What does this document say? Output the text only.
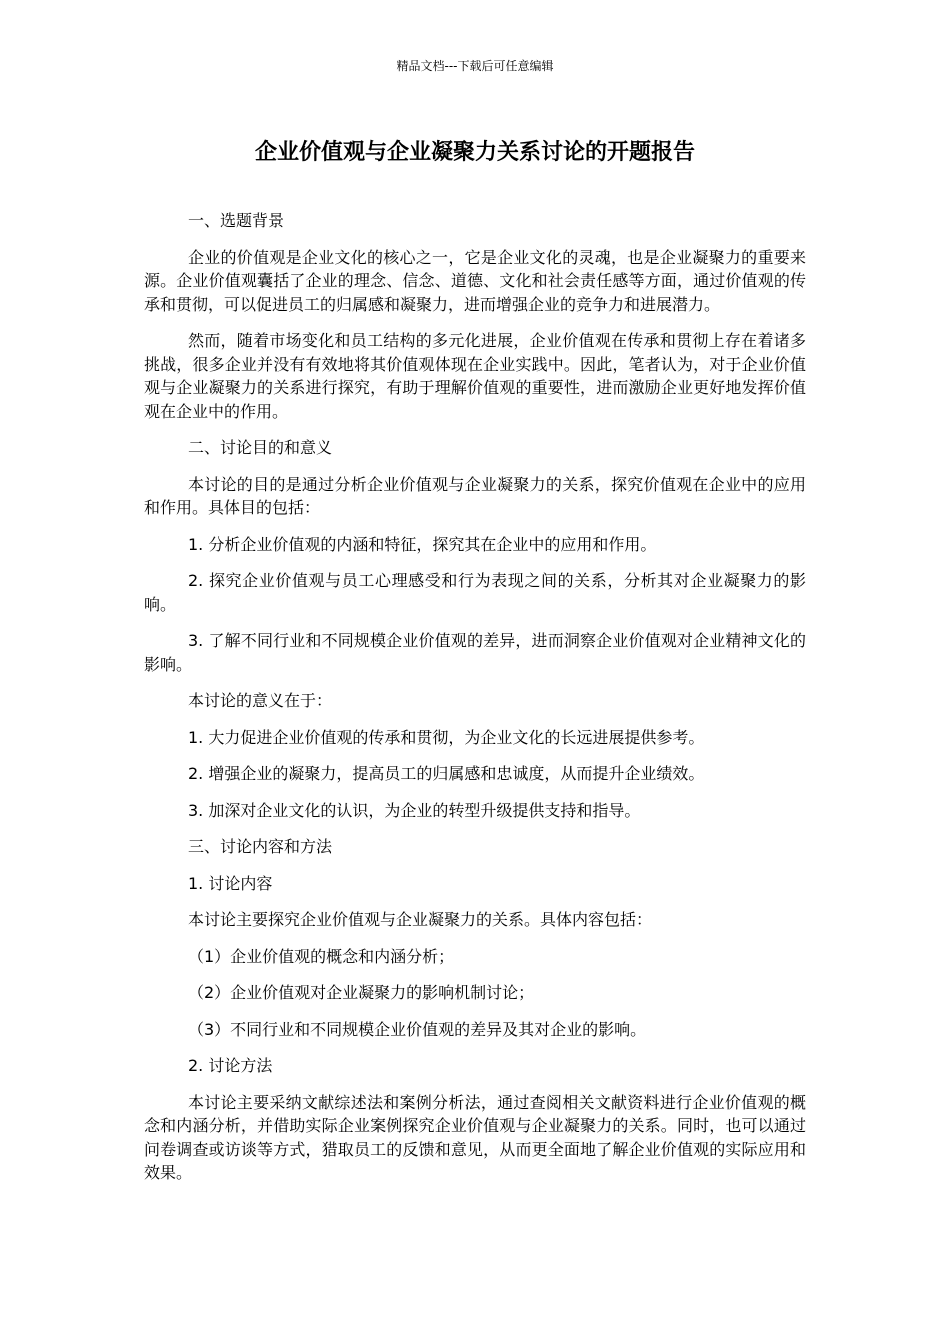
精品文档---下载后可任意编辑
企业价值观与企业凝聚力关系讨论的开题报告

一、选题背景

企业的价值观是企业文化的核心之一，它是企业文化的灵魂，也是企业凝聚力的重要来源。企业价值观囊括了企业的理念、信念、道德、文化和社会责任感等方面，通过价值观的传承和贯彻，可以促进员工的归属感和凝聚力，进而增强企业的竞争力和进展潜力。

然而，随着市场变化和员工结构的多元化进展，企业价值观在传承和贯彻上存在着诸多挑战，很多企业并没有有效地将其价值观体现在企业实践中。因此，笔者认为，对于企业价值观与企业凝聚力的关系进行探究，有助于理解价值观的重要性，进而激励企业更好地发挥价值观在企业中的作用。

二、讨论目的和意义

本讨论的目的是通过分析企业价值观与企业凝聚力的关系，探究价值观在企业中的应用和作用。具体目的包括：

1. 分析企业价值观的内涵和特征，探究其在企业中的应用和作用。

2. 探究企业价值观与员工心理感受和行为表现之间的关系，分析其对企业凝聚力的影响。

3. 了解不同行业和不同规模企业价值观的差异，进而洞察企业价值观对企业精神文化的影响。

本讨论的意义在于：

1. 大力促进企业价值观的传承和贯彻，为企业文化的长远进展提供参考。

2. 增强企业的凝聚力，提高员工的归属感和忠诚度，从而提升企业绩效。

3. 加深对企业文化的认识，为企业的转型升级提供支持和指导。

三、讨论内容和方法

1. 讨论内容

本讨论主要探究企业价值观与企业凝聚力的关系。具体内容包括：

（1）企业价值观的概念和内涵分析；

（2）企业价值观对企业凝聚力的影响机制讨论；

（3）不同行业和不同规模企业价值观的差异及其对企业的影响。

2. 讨论方法

本讨论主要采纳文献综述法和案例分析法，通过查阅相关文献资料进行企业价值观的概念和内涵分析，并借助实际企业案例探究企业价值观与企业凝聚力的关系。同时，也可以通过问卷调查或访谈等方式，猎取员工的反馈和意见，从而更全面地了解企业价值观的实际应用和效果。
